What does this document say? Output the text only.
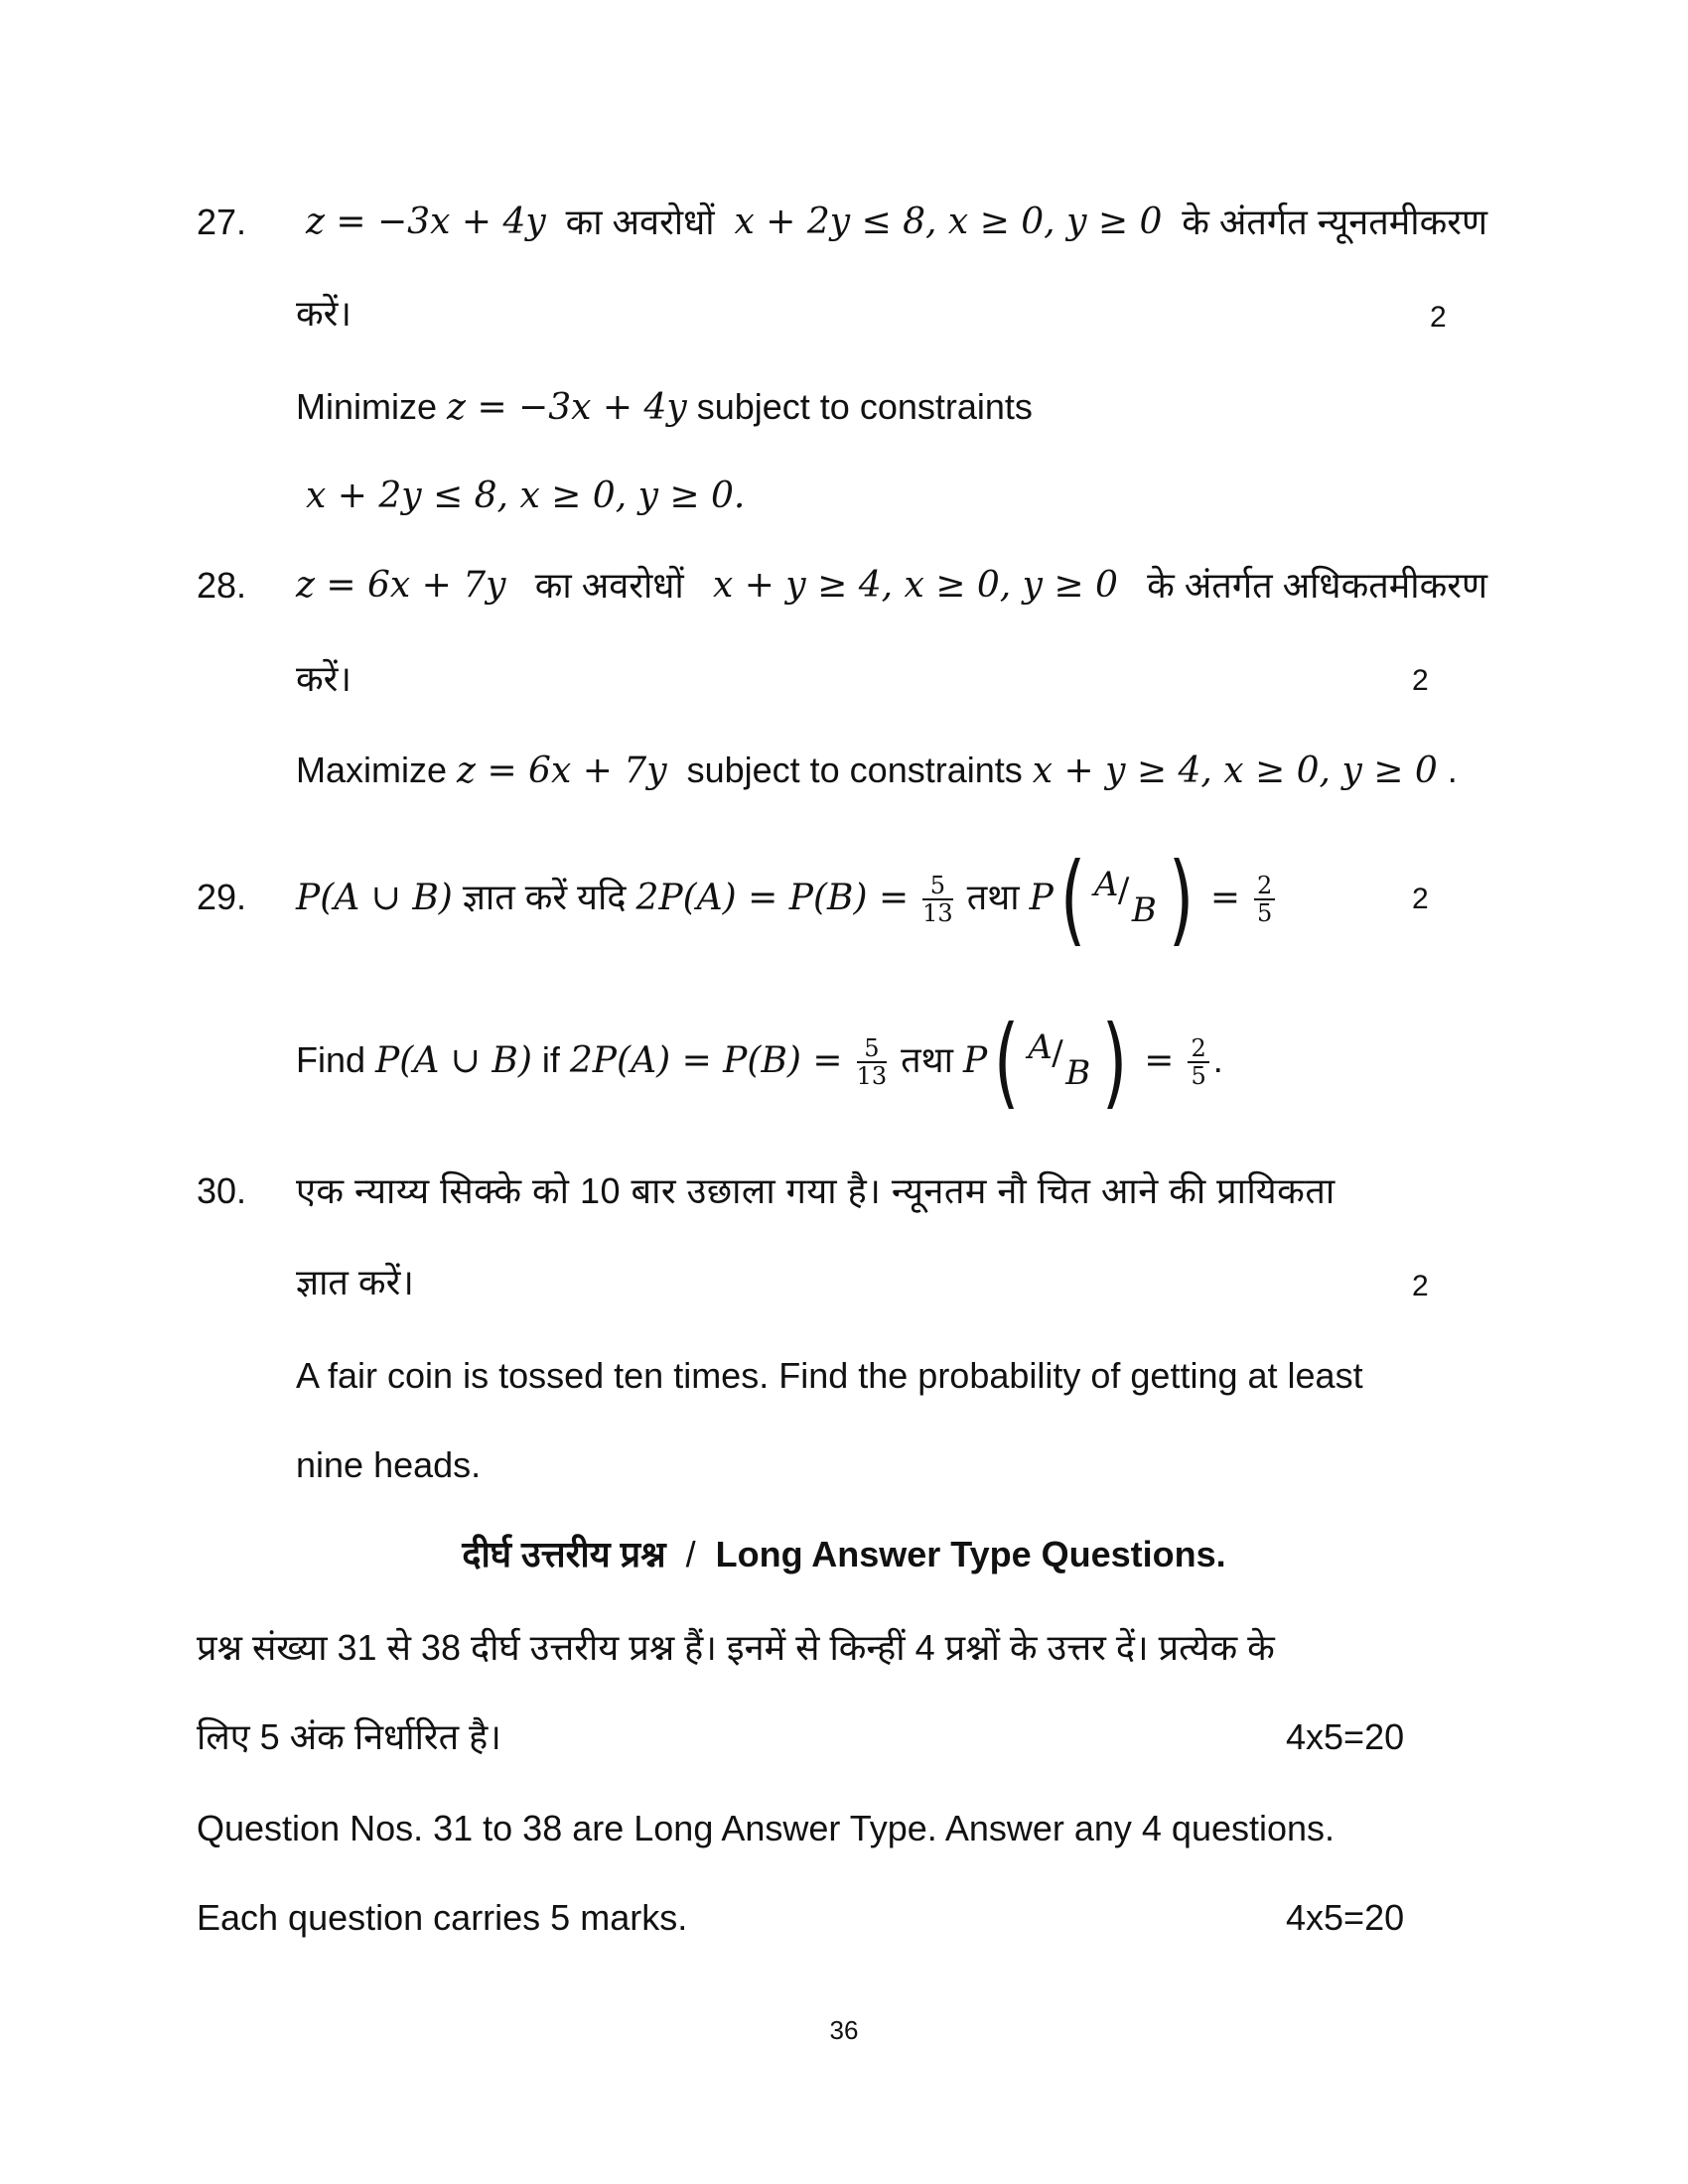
27. z = −3x + 4y का अवरोधों x + 2y ≤ 8, x ≥ 0, y ≥ 0 के अंतर्गत न्यूनतमीकरण
करें।	2
Minimize z = −3x + 4y subject to constraints
x + 2y ≤ 8, x ≥ 0, y ≥ 0.
28. z = 6x + 7y का अवरोधों x + y ≥ 4, x ≥ 0, y ≥ 0 के अंतर्गत अधिकतमीकरण
करें।	2
Maximize z = 6x + 7y subject to constraints x + y ≥ 4, x ≥ 0, y ≥ 0 .
29. P(A ∪ B) ज्ञात करें यदि $2P(A) = P(B) = \frac{5}{13}$ तथा P( A / B ) = $\frac{2}{5}$	2
Find P(A ∪ B) if $2P(A) = P(B) = \frac{5}{13}$ तथा P( A / B ) = $\frac{2}{5}$ .
30. एक न्याय्य सिक्के को 10 बार उछाला गया है। न्यूनतम नौ चित आने की प्रायिकता
ज्ञात करें।	2
A fair coin is tossed ten times. Find the probability of getting at least
nine heads.
दीर्घ उत्तरीय प्रश्न / Long Answer Type Questions.
प्रश्न संख्या 31 से 38 दीर्घ उत्तरीय प्रश्न हैं। इनमें से किन्हीं 4 प्रश्नों के उत्तर दें। प्रत्येक के
लिए 5 अंक निर्धारित है।	4x5=20
Question Nos. 31 to 38 are Long Answer Type. Answer any 4 questions.
Each question carries 5 marks.	4x5=20
36
